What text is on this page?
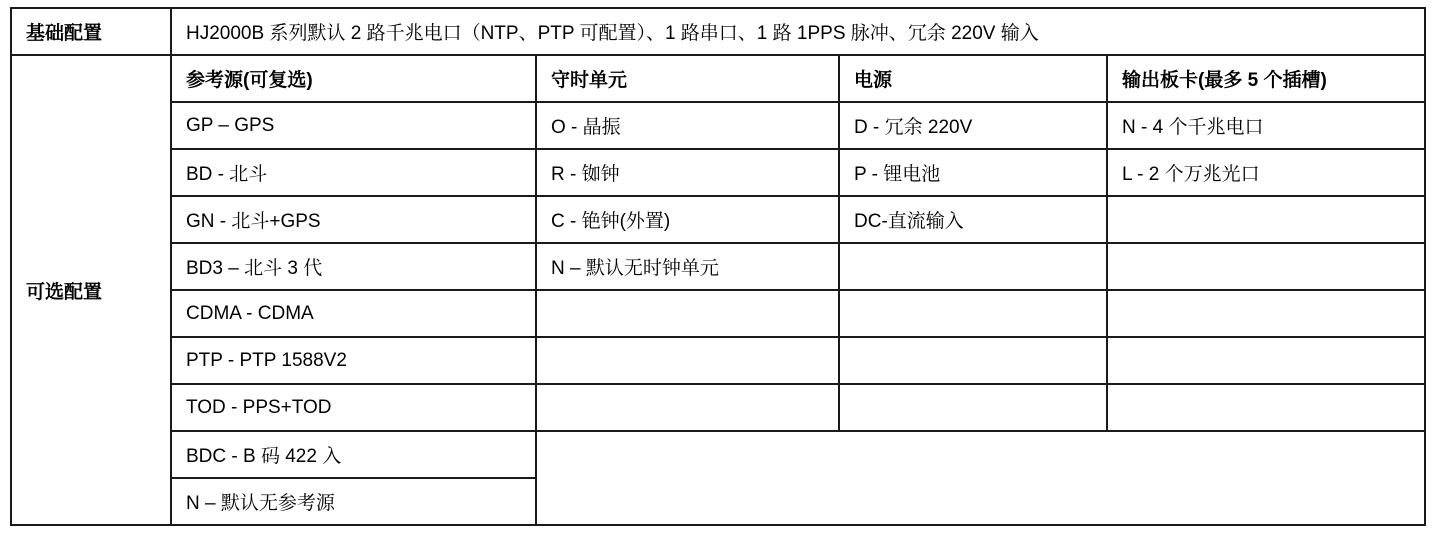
基础配置	HJ2000B 系列默认 2 路千兆电口（NTP、PTP 可配置）、1 路串口、1 路 1PPS 脉冲、冗余 220V 输入			
可选配置	参考源(可复选)	守时单元	电源	输出板卡(最多 5 个插槽)
	GP – GPS	O - 晶振	D - 冗余 220V	N - 4 个千兆电口
	BD - 北斗	R - 铷钟	P - 锂电池	L - 2 个万兆光口
	GN - 北斗+GPS	C - 铯钟(外置)	DC-直流输入	
	BD3 – 北斗 3 代	N – 默认无时钟单元		
	CDMA - CDMA			
	PTP - PTP 1588V2			
	TOD - PPS+TOD			
	BDC - B 码 422 入			
	N – 默认无参考源			
